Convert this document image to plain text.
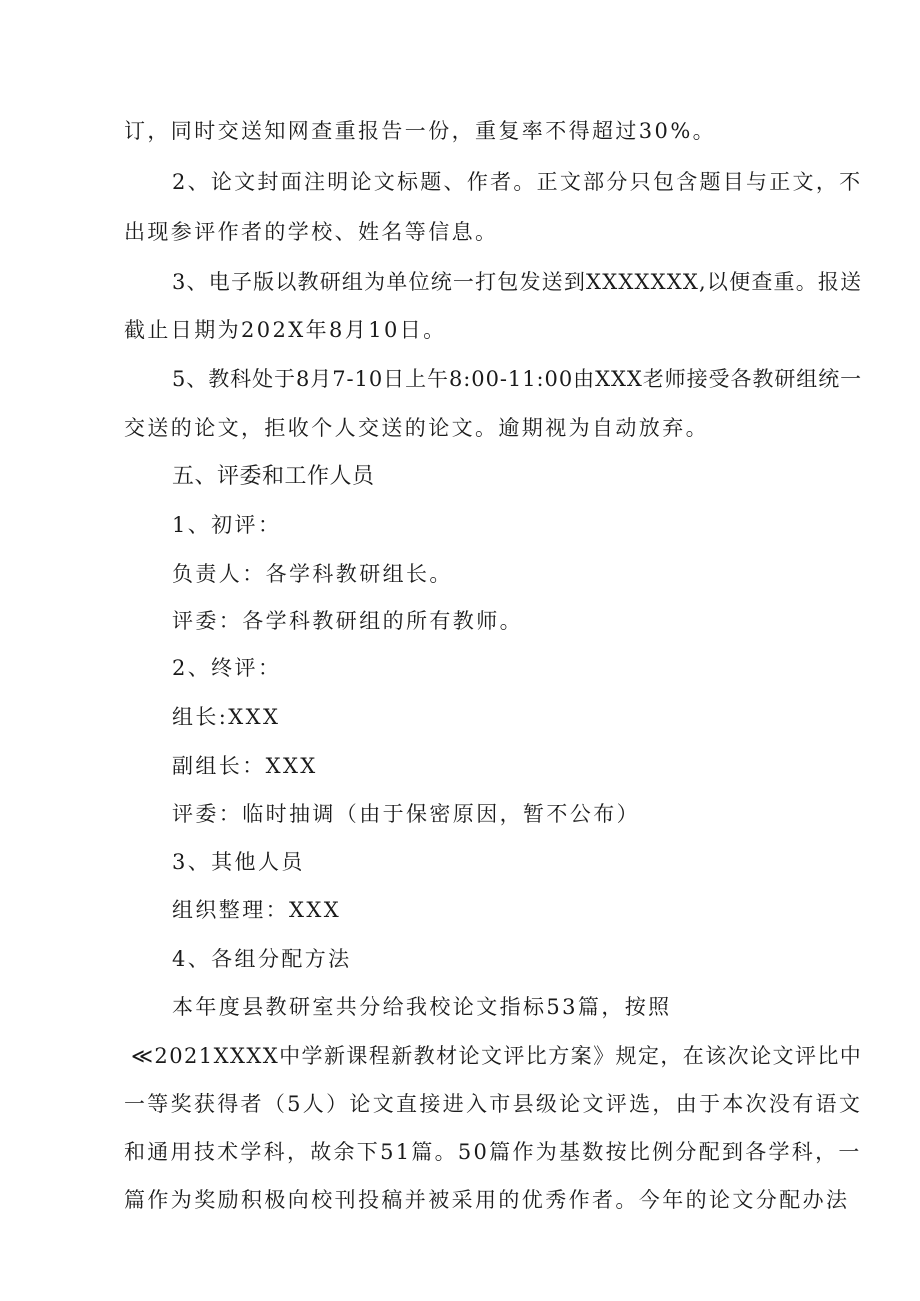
订，同时交送知网查重报告一份，重复率不得超过30%。
2、论文封面注明论文标题、作者。正文部分只包含题目与正文，不
出现参评作者的学校、姓名等信息。
3、电子版以教研组为单位统一打包发送到XXXXXXX,以便查重。报送
截止日期为202X年8月10日。
5、教科处于8月7-10日上午8:00-11:00由XXX老师接受各教研组统一
交送的论文，拒收个人交送的论文。逾期视为自动放弃。
五、评委和工作人员
1、初评：
负责人：各学科教研组长。
评委：各学科教研组的所有教师。
2、终评：
组长:XXX
副组长：XXX
评委：临时抽调（由于保密原因，暂不公布）
3、其他人员
组织整理：XXX
4、各组分配方法
本年度县教研室共分给我校论文指标53篇，按照
≪2021XXXX中学新课程新教材论文评比方案》规定，在该次论文评比中
一等奖获得者（5人）论文直接进入市县级论文评选，由于本次没有语文
和通用技术学科，故余下51篇。50篇作为基数按比例分配到各学科，一
篇作为奖励积极向校刊投稿并被采用的优秀作者。今年的论文分配办法
